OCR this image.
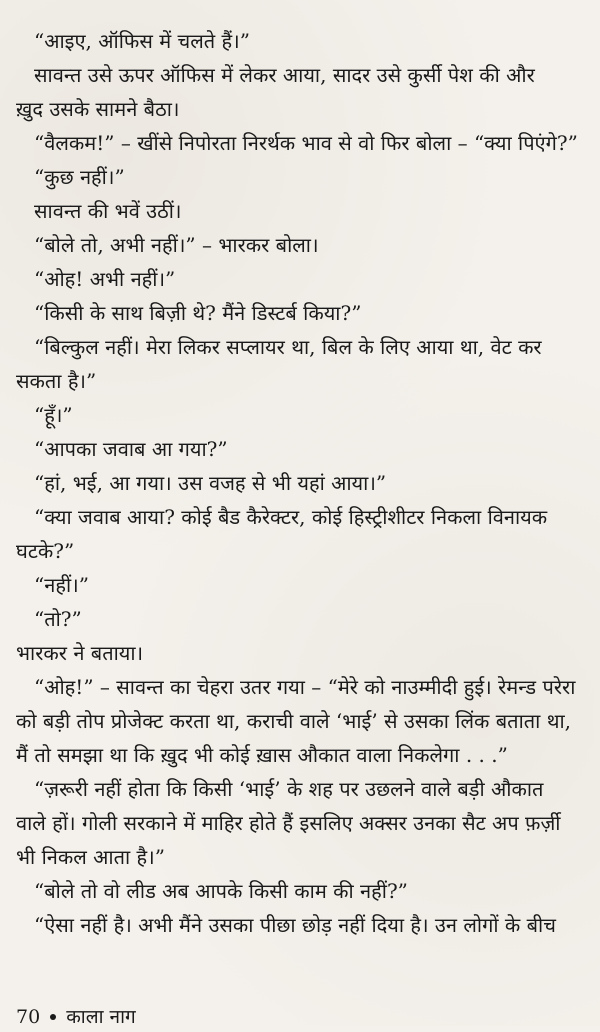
“आइए, ऑफिस में चलते हैं।”
सावन्त उसे ऊपर ऑफिस में लेकर आया, सादर उसे कुर्सी पेश की और
ख़ुद उसके सामने बैठा।
“वैलकम!” – खींसे निपोरता निरर्थक भाव से वो फिर बोला – “क्या पिएंगे?”
“कुछ नहीं।”
सावन्त की भवें उठीं।
“बोले तो, अभी नहीं।” – भारकर बोला।
“ओह! अभी नहीं।”
“किसी के साथ बिज़ी थे? मैंने डिस्टर्ब किया?”
“बिल्कुल नहीं। मेरा लिकर सप्लायर था, बिल के लिए आया था, वेट कर
सकता है।”
“हूँ।”
“आपका जवाब आ गया?”
“हां, भई, आ गया। उस वजह से भी यहां आया।”
“क्या जवाब आया? कोई बैड कैरेक्टर, कोई हिस्ट्रीशीटर निकला विनायक
घटके?”
“नहीं।”
“तो?”
भारकर ने बताया।
“ओह!” – सावन्त का चेहरा उतर गया – “मेरे को नाउम्मीदी हुई। रेमन्ड परेरा
को बड़ी तोप प्रोजेक्ट करता था, कराची वाले ‘भाई’ से उसका लिंक बताता था,
मैं तो समझा था कि ख़ुद भी कोई ख़ास औकात वाला निकलेगा . . .”
“ज़रूरी नहीं होता कि किसी ‘भाई’ के शह पर उछलने वाले बड़ी औकात
वाले हों। गोली सरकाने में माहिर होते हैं इसलिए अक्सर उनका सैट अप फ़र्ज़ी
भी निकल आता है।”
“बोले तो वो लीड अब आपके किसी काम की नहीं?”
“ऐसा नहीं है। अभी मैंने उसका पीछा छोड़ नहीं दिया है। उन लोगों के बीच
70 काला नाग
